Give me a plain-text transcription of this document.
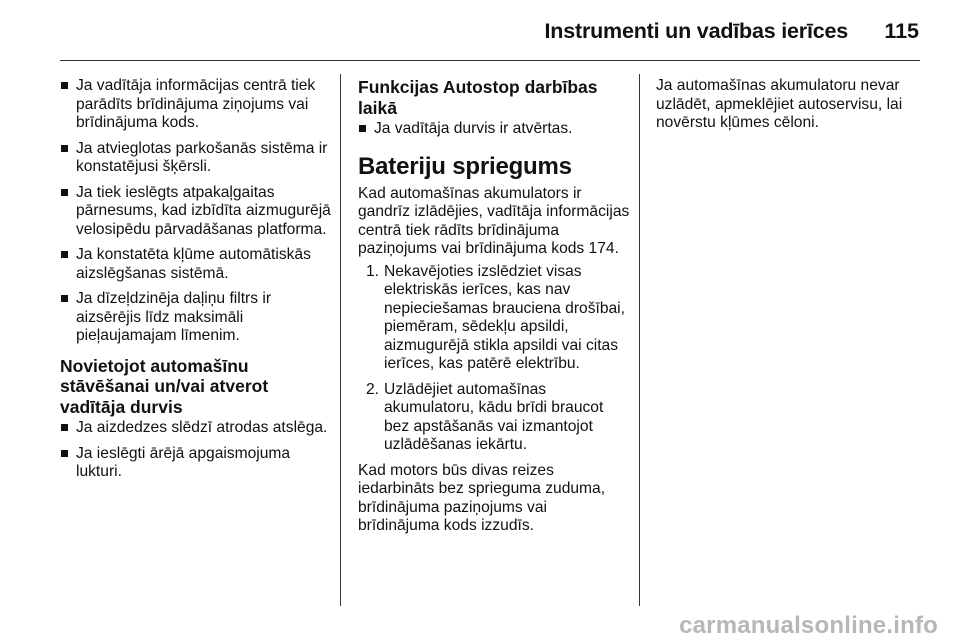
Instrumenti un vadības ierīces 115
Ja vadītāja informācijas centrā tiek parādīts brīdinājuma ziņojums vai brīdinājuma kods.
Ja atvieglotas parkošanās sistēma ir konstatējusi šķērsli.
Ja tiek ieslēgts atpakaļgaitas pārnesums, kad izbīdīta aizmugurējā velosipēdu pārvadāšanas platforma.
Ja konstatēta kļūme automātiskās aizslēgšanas sistēmā.
Ja dīzeļdzinēja daļiņu filtrs ir aizsērējis līdz maksimāli pieļaujamajam līmenim.
Novietojot automašīnu stāvēšanai un/vai atverot vadītāja durvis
Ja aizdedzes slēdzī atrodas atslēga.
Ja ieslēgti ārējā apgaismojuma lukturi.
Funkcijas Autostop darbības laikā
Ja vadītāja durvis ir atvērtas.
Bateriju spriegums

Kad automašīnas akumulators ir gandrīz izlādējies, vadītāja informācijas centrā tiek rādīts brīdinājuma paziņojums vai brīdinājuma kods 174.

1. Nekavējoties izslēdziet visas elektriskās ierīces, kas nav nepieciešamas brauciena drošībai, piemēram, sēdekļu apsildi, aizmugurējā stikla apsildi vai citas ierīces, kas patērē elektrību.
2. Uzlādējiet automašīnas akumulatoru, kādu brīdi braucot bez apstāšanās vai izmantojot uzlādēšanas iekārtu.

Kad motors būs divas reizes iedarbināts bez sprieguma zuduma, brīdinājuma paziņojums vai brīdinājuma kods izzudīs.

Ja automašīnas akumulatoru nevar uzlādēt, apmeklējiet autoservisu, lai novērstu kļūmes cēloni.

carmanualsonline.info
